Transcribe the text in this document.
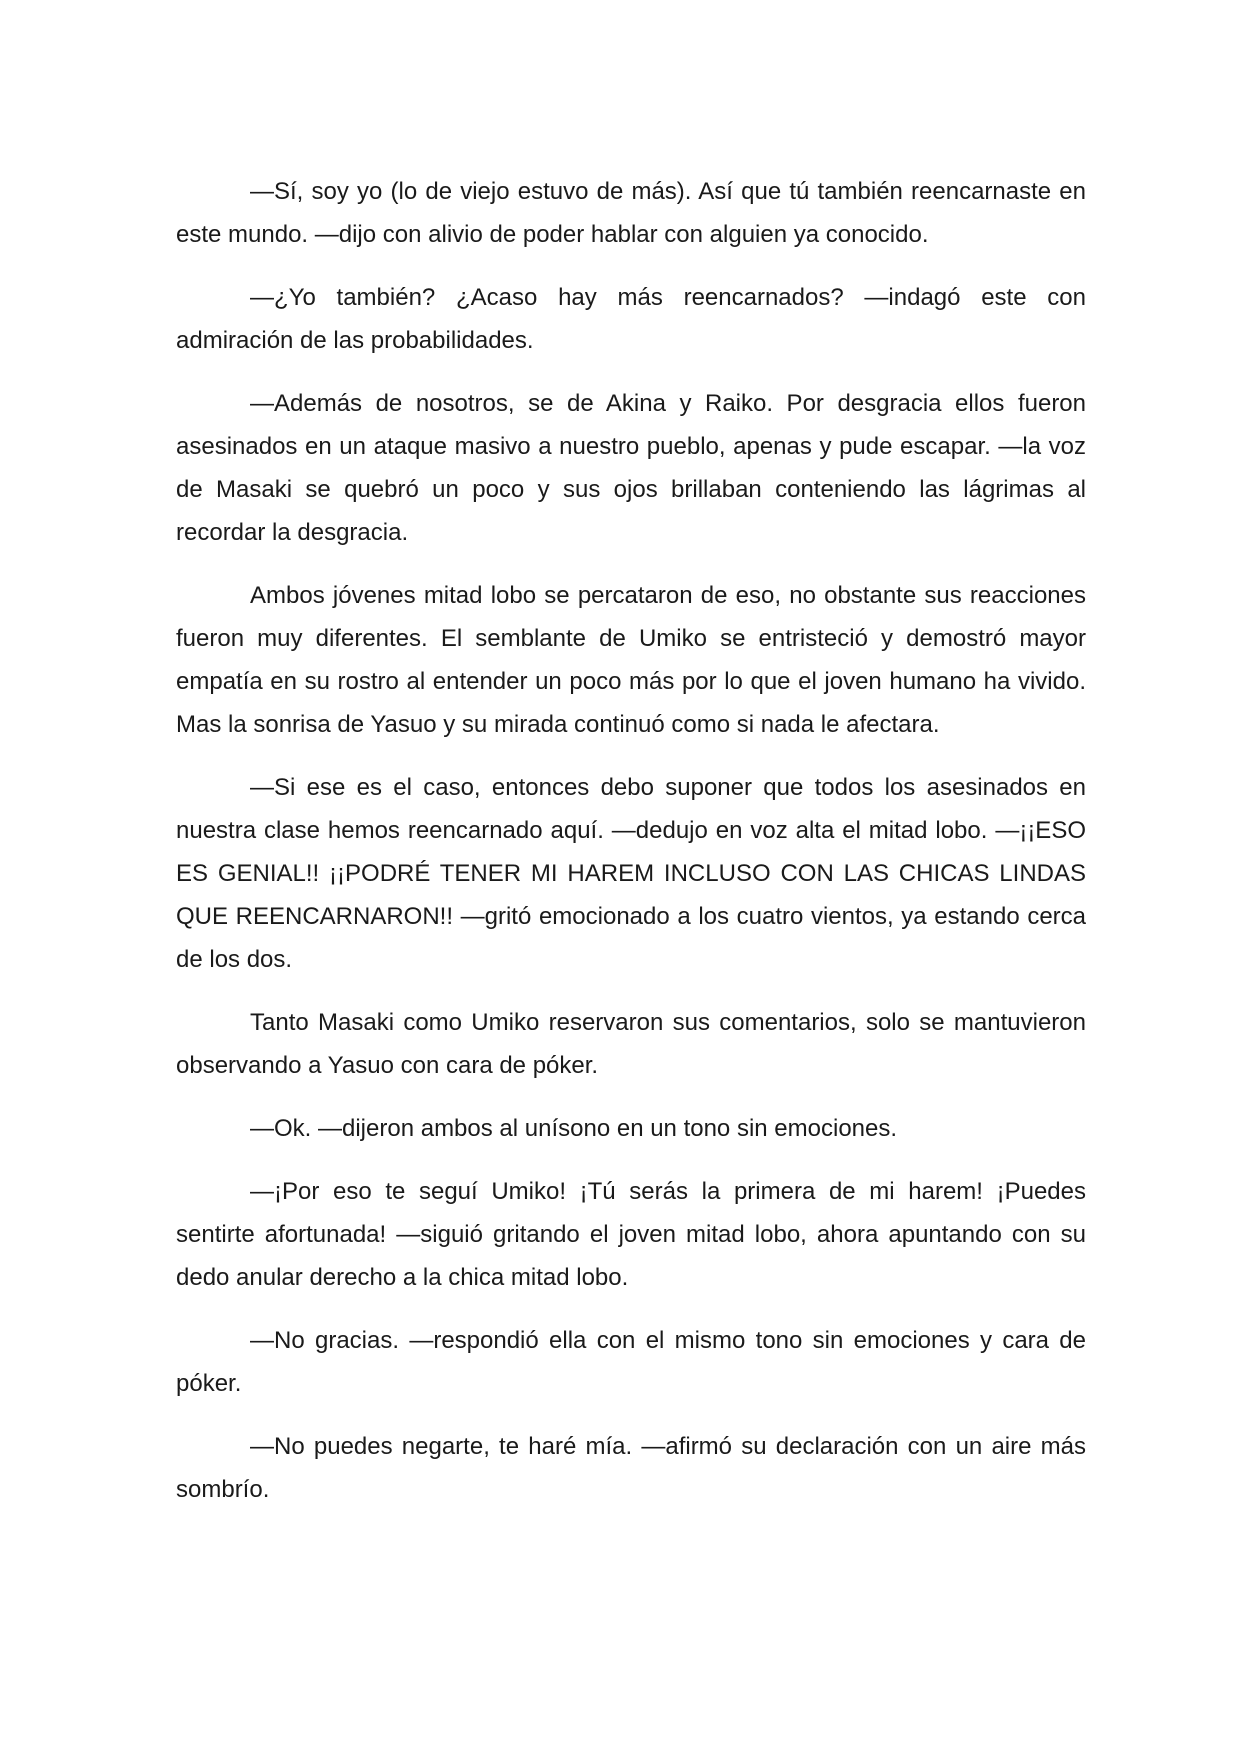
—Sí, soy yo (lo de viejo estuvo de más). Así que tú también reencarnaste en este mundo. —dijo con alivio de poder hablar con alguien ya conocido.

—¿Yo también? ¿Acaso hay más reencarnados? —indagó este con admiración de las probabilidades.

—Además de nosotros, se de Akina y Raiko. Por desgracia ellos fueron asesinados en un ataque masivo a nuestro pueblo, apenas y pude escapar. —la voz de Masaki se quebró un poco y sus ojos brillaban conteniendo las lágrimas al recordar la desgracia.

Ambos jóvenes mitad lobo se percataron de eso, no obstante sus reacciones fueron muy diferentes. El semblante de Umiko se entristeció y demostró mayor empatía en su rostro al entender un poco más por lo que el joven humano ha vivido. Mas la sonrisa de Yasuo y su mirada continuó como si nada le afectara.

—Si ese es el caso, entonces debo suponer que todos los asesinados en nuestra clase hemos reencarnado aquí. —dedujo en voz alta el mitad lobo. —¡¡ESO ES GENIAL!! ¡¡PODRÉ TENER MI HAREM INCLUSO CON LAS CHICAS LINDAS QUE REENCARNARON!! —gritó emocionado a los cuatro vientos, ya estando cerca de los dos.

Tanto Masaki como Umiko reservaron sus comentarios, solo se mantuvieron observando a Yasuo con cara de póker.

—Ok. —dijeron ambos al unísono en un tono sin emociones.

—¡Por eso te seguí Umiko! ¡Tú serás la primera de mi harem! ¡Puedes sentirte afortunada! —siguió gritando el joven mitad lobo, ahora apuntando con su dedo anular derecho a la chica mitad lobo.

—No gracias. —respondió ella con el mismo tono sin emociones y cara de póker.

—No puedes negarte, te haré mía. —afirmó su declaración con un aire más sombrío.
